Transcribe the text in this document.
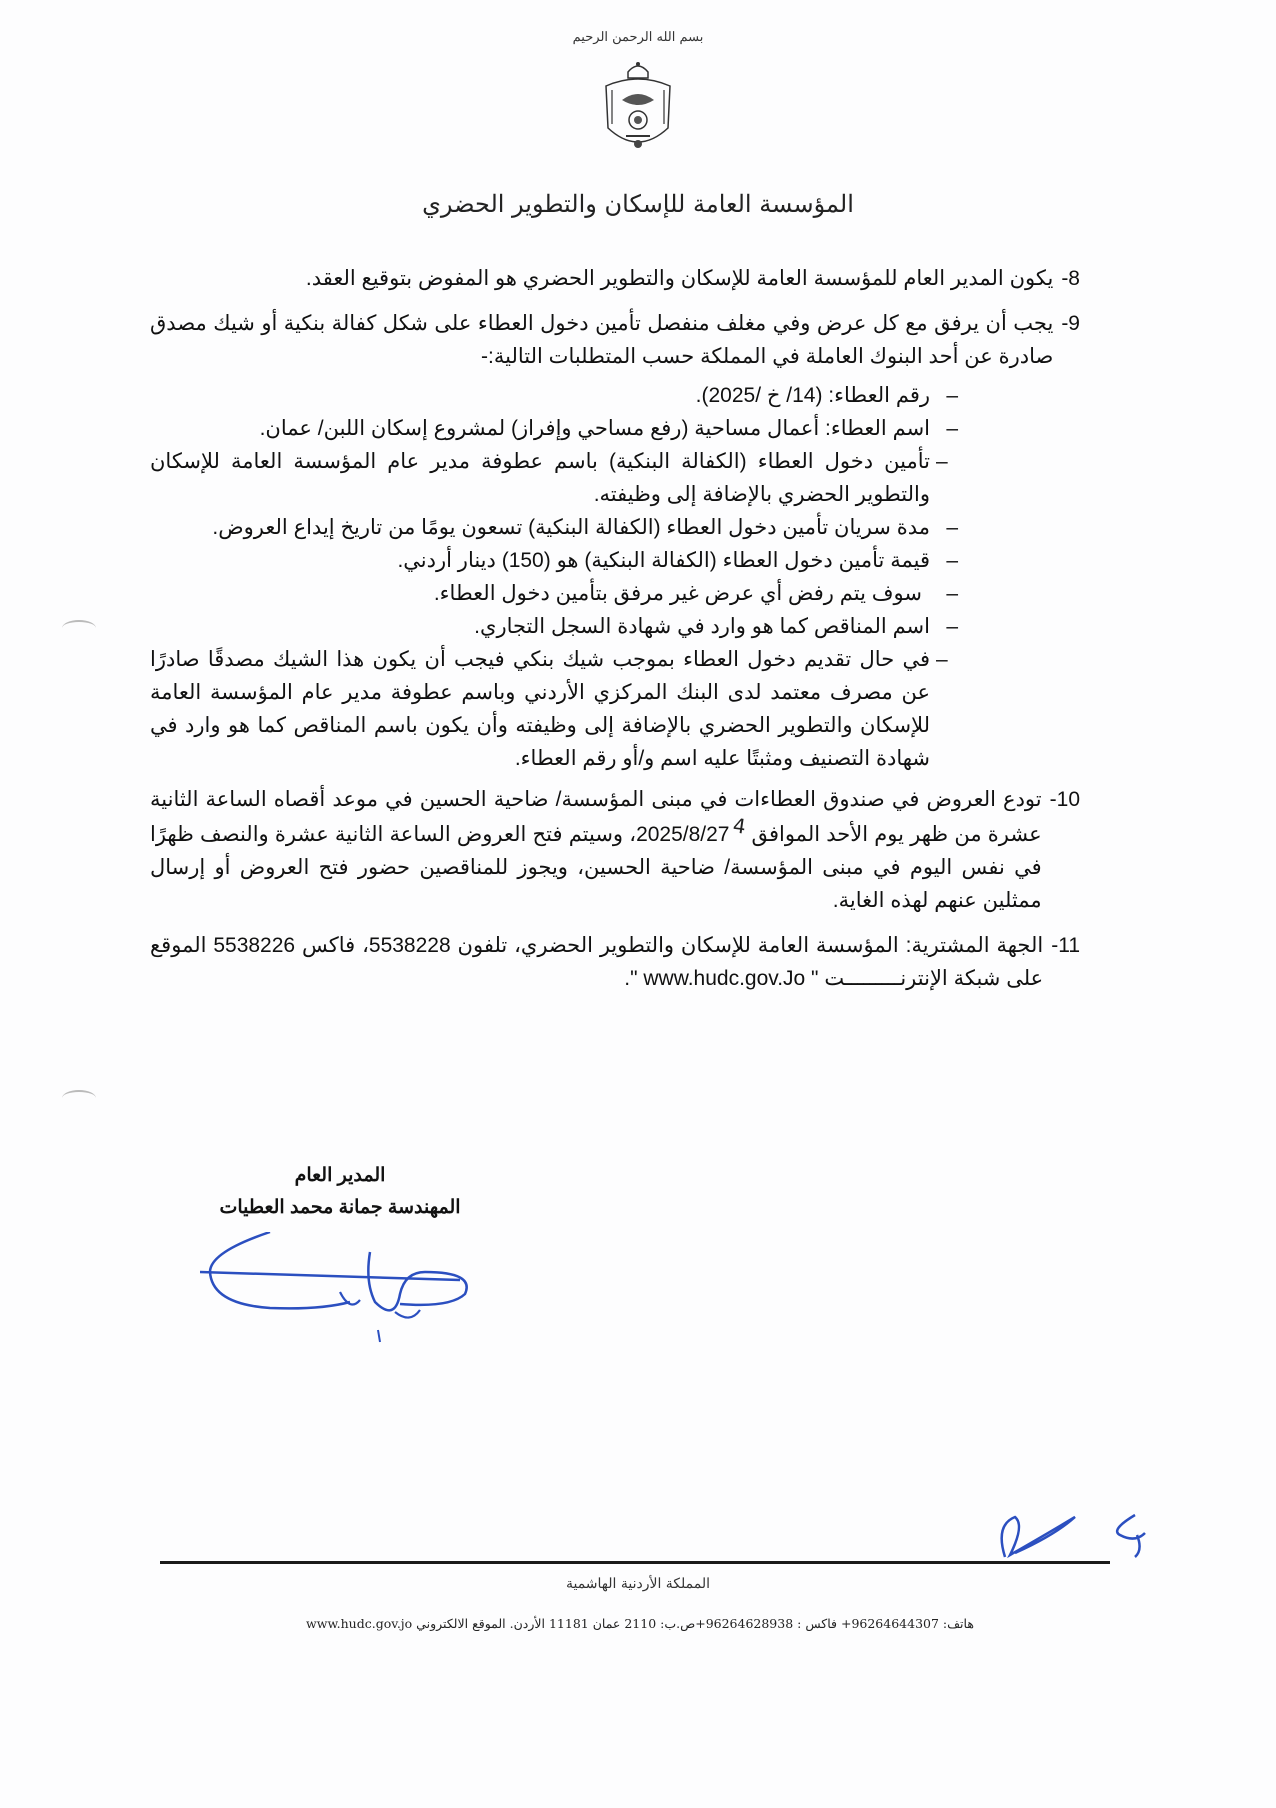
بسم الله الرحمن الرحيم
المؤسسة العامة للإسكان والتطوير الحضري
-8
يكون المدير العام للمؤسسة العامة للإسكان والتطوير الحضري هو المفوض بتوقيع العقد.
-9
يجب أن يرفق مع كل عرض وفي مغلف منفصل تأمين دخول العطاء على شكل كفالة بنكية أو شيك مصدق صادرة عن أحد البنوك العاملة في المملكة حسب المتطلبات التالية:-
–
رقم العطاء: (14/ خ /2025).
–
اسم العطاء: أعمال مساحية (رفع مساحي وإفراز) لمشروع إسكان اللبن/ عمان.
–
تأمين دخول العطاء (الكفالة البنكية) باسم عطوفة مدير عام المؤسسة العامة للإسكان والتطوير الحضري بالإضافة إلى وظيفته.
–
مدة سريان تأمين دخول العطاء (الكفالة البنكية) تسعون يومًا من تاريخ إيداع العروض.
–
قيمة تأمين دخول العطاء (الكفالة البنكية) هو (150) دينار أردني.
–
سوف يتم رفض أي عرض غير مرفق بتأمين دخول العطاء.
–
اسم المناقص كما هو وارد في شهادة السجل التجاري.
–
في حال تقديم دخول العطاء بموجب شيك بنكي فيجب أن يكون هذا الشيك مصدقًا صادرًا عن مصرف معتمد لدى البنك المركزي الأردني وباسم عطوفة مدير عام المؤسسة العامة للإسكان والتطوير الحضري بالإضافة إلى وظيفته وأن يكون باسم المناقص كما هو وارد في شهادة التصنيف ومثبتًا عليه اسم و/أو رقم العطاء.
-10
تودع العروض في صندوق العطاءات في مبنى المؤسسة/ ضاحية الحسين في موعد أقصاه الساعة الثانية عشرة من ظهر يوم الأحد الموافق 2025/8/274، وسيتم فتح العروض الساعة الثانية عشرة والنصف ظهرًا في نفس اليوم في مبنى المؤسسة/ ضاحية الحسين، ويجوز للمناقصين حضور فتح العروض أو إرسال ممثلين عنهم لهذه الغاية.
-11
الجهة المشترية: المؤسسة العامة للإسكان والتطوير الحضري، تلفون 5538228، فاكس 5538226 الموقع على شبكة الإنترنـــــــــت " www.hudc.gov.Jo ".
المدير العام
المهندسة جمانة محمد العطيات
المملكة الأردنية الهاشمية
هاتف: 96264644307+ فاكس : 96264628938+ص.ب: 2110 عمان 11181 الأردن. الموقع الالكتروني www.hudc.gov.jo
